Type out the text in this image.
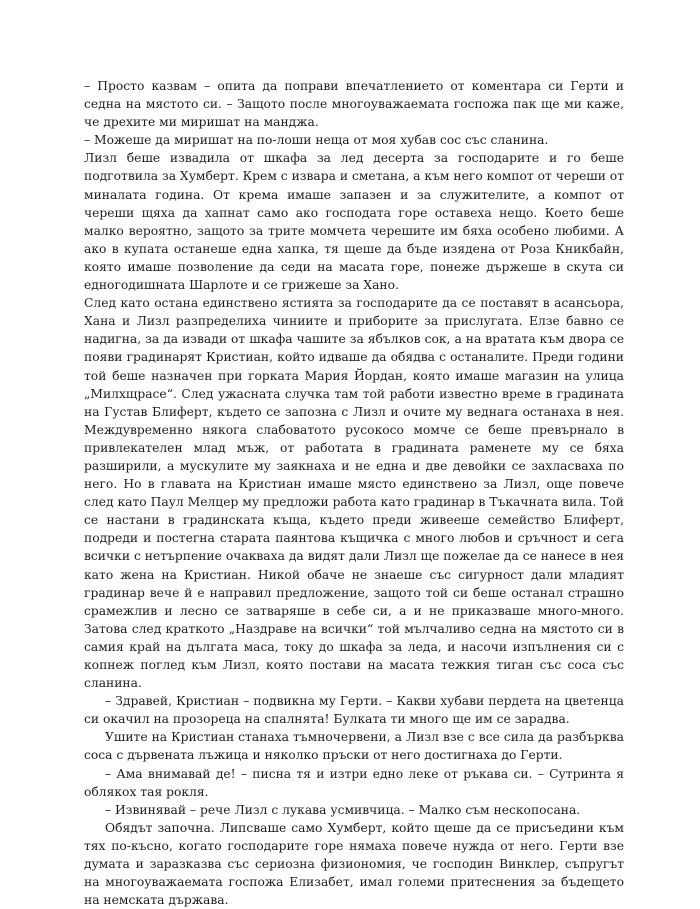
– Просто казвам – опита да поправи впечатлението от коментара си Герти и седна на мястото си. – Защото после многоуважаемата госпожа пак ще ми каже, че дрехите ми миришат на манджа.

– Можеше да миришат на по-лоши неща от моя хубав сос със сланина.

Лизл беше извадила от шкафа за лед десерта за господарите и го беше подготвила за Хумберт. Крем с извара и сметана, а към него компот от череши от миналата година. От крема имаше запазен и за служителите, а компот от череши щяха да хапнат само ако господата горе оставеха нещо. Което беше малко вероятно, защото за трите момчета черешите им бяха особено любими. А ако в купата останеше една хапка, тя щеше да бъде изядена от Роза Кникбайн, която имаше позволение да седи на масата горе, понеже държеше в скута си едногодишната Шарлоте и се грижеше за Хано.

След като остана единствено ястията за господарите да се поставят в асансьора, Хана и Лизл разпределиха чиниите и приборите за прислугата. Елзе бавно се надигна, за да извади от шкафа чашите за ябълков сок, а на вратата към двора се появи градинарят Кристиан, който идваше да обядва с останалите. Преди години той беше назначен при горката Мария Йордан, която имаше магазин на улица „Милхщрасе“. След ужасната случка там той работи известно време в градината на Густав Блиферт, където се запозна с Лизл и очите му веднага останаха в нея. Междувременно някога слабоватото русокосо момче се беше превърнало в привлекателен млад мъж, от работата в градината раменете му се бяха разширили, а мускулите му заякнаха и не една и две девойки се захласваха по него. Но в главата на Кристиан имаше място единствено за Лизл, още повече след като Паул Мелцер му предложи работа като градинар в Тъкачната вила. Той се настани в градинската къща, където преди живееше семейство Блиферт, подреди и постегна старата паянтова къщичка с много любов и сръчност и сега всички с нетърпение очакваха да видят дали Лизл ще пожелае да се нанесе в нея като жена на Кристиан. Никой обаче не знаеше със сигурност дали младият градинар вече й е направил предложение, защото той си беше останал страшно срамежлив и лесно се затваряше в себе си, а и не приказваше много-много. Затова след краткото „Наздраве на всички“ той мълчаливо седна на мястото си в самия край на дългата маса, току до шкафа за леда, и насочи изпълнения си с копнеж поглед към Лизл, която постави на масата тежкия тиган със соса със сланина.

– Здравей, Кристиан – подвикна му Герти. – Какви хубави пердета на цветенца си окачил на прозореца на спалнята! Булката ти много ще им се зарадва.

Ушите на Кристиан станаха тъмночервени, а Лизл взе с все сила да разбърква соса с дървената лъжица и няколко пръски от него достигнаха до Герти.

– Ама внимавай де! – писна тя и изтри едно леке от ръкава си. – Сутринта я облякох тая рокля.

– Извинявай – рече Лизл с лукава усмивчица. – Малко съм нескопосана.

Обядът започна. Липсваше само Хумберт, който щеше да се присъедини към тях по-късно, когато господарите горе нямаха повече нужда от него. Герти взе думата и заразказва със сериозна физиономия, че господин Винклер, съпругът на многоуважаемата госпожа Елизабет, имал големи притеснения за бъдещето на немската държава.
